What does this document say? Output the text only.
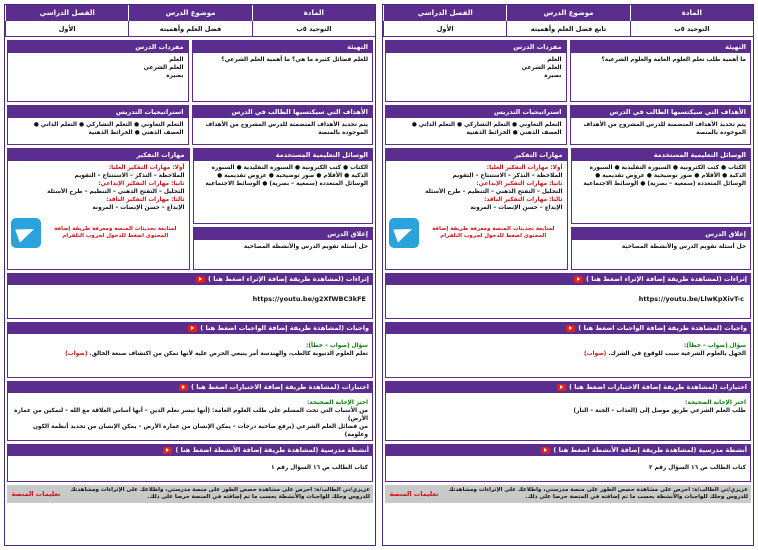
المادة
موضوع الدرس
الفصل الدراسي
التوحيد ٥ب
فضل العلم وأهميته
الأول
التهيئة
للعلم فضائل كثيرة ما هي؟ ما أهمية العلم الشرعي؟
مفردات الدرس

العلم

العلم الشرعي

بصيرة

الأهداف التي سيكتسبها الطالب في الدرس
يتم تحديد الأهداف المتضمنة للدرس المشروح من الأهداف الموجودة بالمنصة
استراتيجيات التدريس
التعلم التعاوني ● التعلم التشاركي ● التعلم الذاتي ● العصف الذهني ● الخرائط الذهنية
الوسائل التعليمية المستخدمة
الكتاب ● كتب الكترونية ● السبورة التقليدية ● السبورة الذكية ● الأقلام ● صور توضيحية ● عروض تقديمية ● الوسائل المتعددة (سمعية – بصرية) ● الوسائط الاجتماعية
إغلاق الدرس
حل أسئلة تقويم الدرس والأنشطة المصاحبة
مهارات التفكير

أولا: مهارات التفكير العليا:

الملاحظة – التذكر – الاستنتاج – التقويم

ثانيا: مهارات التفكير الإبداعي:

التحليل – التفتح الذهني – التنظيم – طرح الأسئلة

ثالثا: مهارات التفكير الناقد:

الإبداع – حسن الإنصات – المرونة

لمتابعة تحديثات المنصة ومعرفة طريقة إضافة المحتوى اضغط للدخول لجروب التلقرام
إثراءات (لمشاهدة طريقة إضافة الإثراء اضغط هنا )
https://youtu.be/g2XfWBC3kFE
واجبات (لمشاهدة طريقة إضافة الواجبات اضغط هنا )

سؤال (صواب – خطأ):

تعلم العلوم الدنيوية كالطب، والهندسة أمر ينبغي الحرص عليه لأنها تمكن من اكتشاف صنعة الخالق. (صواب)

اختبارات (لمشاهدة طريقة إضافة الاختبارات اضغط هنا )

اختر الإجابة الصحيحة:

من الأسباب التي تحث المسلم على طلب العلوم العامة: (أنها تيسر تعلم الدين – أنها أساس العلاقة مع الله – لتمكين من عمارة الأرض)

من فضائل العلم الشرعي (يرفع صاحبه درجات – يمكن الإنسان من عمارة الأرض – يمكن الإنسان من تحديد أنظمة الكون وعلومه)

أنشطة مدرسية (لمشاهدة طريقة إضافة الأنشطة اضغط هنا )

كتاب الطالب ص ١٦ السؤال رقم ١

عزيزي/تي الطالب/ة: احرص على مشاهدة حصص الطور على منصة مدرستي، واطلاعك على الإثراءات ومشاهدتك للدروس وحلك للواجبات والأنشطة بحسب ما تم إضافته في المنصة حرصا على ذلك.
تعليمات المنصة
المادة
موضوع الدرس
الفصل الدراسي
التوحيد ٥ب
تابع فضل العلم وأهميته
الأول
التهيئة
ما أهمية طلب تعلم العلوم العامة والعلوم الشرعية؟
مفردات الدرس

العلم

العلم الشرعي

بصيرة

الأهداف التي سيكتسبها الطالب في الدرس
يتم تحديد الأهداف المتضمنة للدرس المشروح من الأهداف الموجودة بالمنصة
استراتيجيات التدريس
التعلم التعاوني ● التعلم التشاركي ● التعلم الذاتي ● العصف الذهني ● الخرائط الذهنية
الوسائل التعليمية المستخدمة
الكتاب ● كتب الكترونية ● السبورة التقليدية ● السبورة الذكية ● الأقلام ● صور توضيحية ● عروض تقديمية ● الوسائل المتعددة (سمعية – بصرية) ● الوسائط الاجتماعية
إغلاق الدرس
حل أسئلة تقويم الدرس والأنشطة المصاحبة
مهارات التفكير

أولا: مهارات التفكير العليا:

الملاحظة – التذكر – الاستنتاج – التقويم

ثانيا: مهارات التفكير الإبداعي:

التحليل – التفتح الذهني – التنظيم – طرح الأسئلة

ثالثا: مهارات التفكير الناقد:

الإبداع – حسن الإنصات – المرونة

لمتابعة تحديثات المنصة ومعرفة طريقة إضافة المحتوى اضغط للدخول لجروب التلقرام
إثراءات (لمشاهدة طريقة إضافة الإثراء اضغط هنا )
https://youtu.be/LlwKpXivT-c
واجبات (لمشاهدة طريقة إضافة الواجبات اضغط هنا )

سؤال (صواب – خطأ):

الجهل بالعلوم الشرعية سبب للوقوع في الشرك. (صواب)

اختبارات (لمشاهدة طريقة إضافة الاختبارات اضغط هنا )

اختر الإجابة الصحيحة:

طلب العلم الشرعي طريق موصل إلى (العذاب – الجنة – النار)

أنشطة مدرسية (لمشاهدة طريقة إضافة الأنشطة اضغط هنا )

كتاب الطالب ص ١٦ السؤال رقم ٢

عزيزي/تي الطالب/ة: احرص على مشاهدة حصص الطور على منصة مدرستي، واطلاعك على الإثراءات ومشاهدتك للدروس وحلك للواجبات والأنشطة بحسب ما تم إضافته في المنصة حرصا على ذلك.
تعليمات المنصة
